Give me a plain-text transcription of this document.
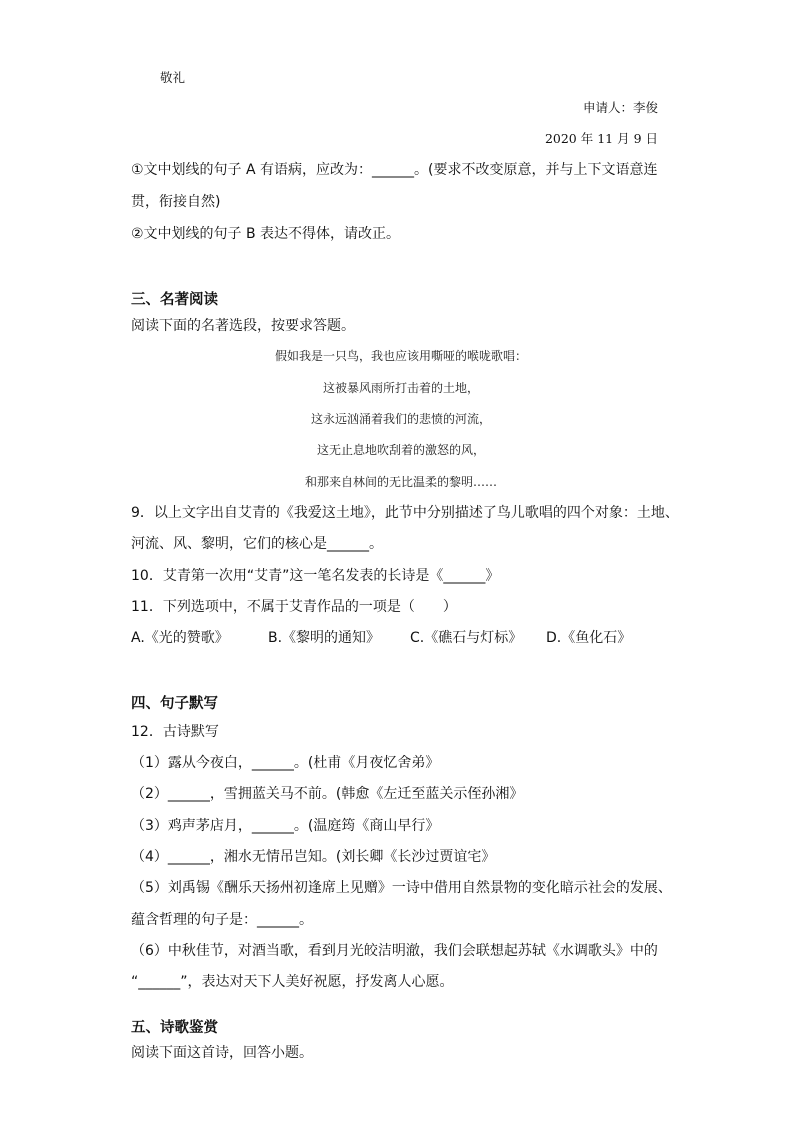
敬礼
申请人：李俊
2020 年 11 月 9 日
①文中划线的句子 A 有语病，应改为：______。(要求不改变原意，并与上下文语意连
贯，衔接自然)
②文中划线的句子 B 表达不得体，请改正。
三、名著阅读
阅读下面的名著选段，按要求答题。
假如我是一只鸟，我也应该用嘶哑的喉咙歌唱：
这被暴风雨所打击着的土地，
这永远汹涌着我们的悲愤的河流，
这无止息地吹刮着的激怒的风，
和那来自林间的无比温柔的黎明……
9．以上文字出自艾青的《我爱这土地》，此节中分别描述了鸟儿歌唱的四个对象：土地、
河流、风、黎明，它们的核心是______。
10．艾青第一次用“艾青”这一笔名发表的长诗是《______》
11．下列选项中，不属于艾青作品的一项是（　　）
A.《光的赞歌》	B.《黎明的通知》 C.《礁石与灯标》 D.《鱼化石》
四、句子默写
12．古诗默写
（1）露从今夜白，______。(杜甫《月夜忆舍弟》
（2）______，雪拥蓝关马不前。(韩愈《左迁至蓝关示侄孙湘》
（3）鸡声茅店月，______。(温庭筠《商山早行》
（4）______，湘水无情吊岂知。(刘长卿《长沙过贾谊宅》
（5）刘禹锡《酬乐天扬州初逢席上见赠》一诗中借用自然景物的变化暗示社会的发展、
蕴含哲理的句子是：______。
（6）中秋佳节，对酒当歌，看到月光皎洁明澈，我们会联想起苏轼《水调歌头》中的
“______”，表达对天下人美好祝愿，抒发离人心愿。
五、诗歌鉴赏
阅读下面这首诗，回答小题。
